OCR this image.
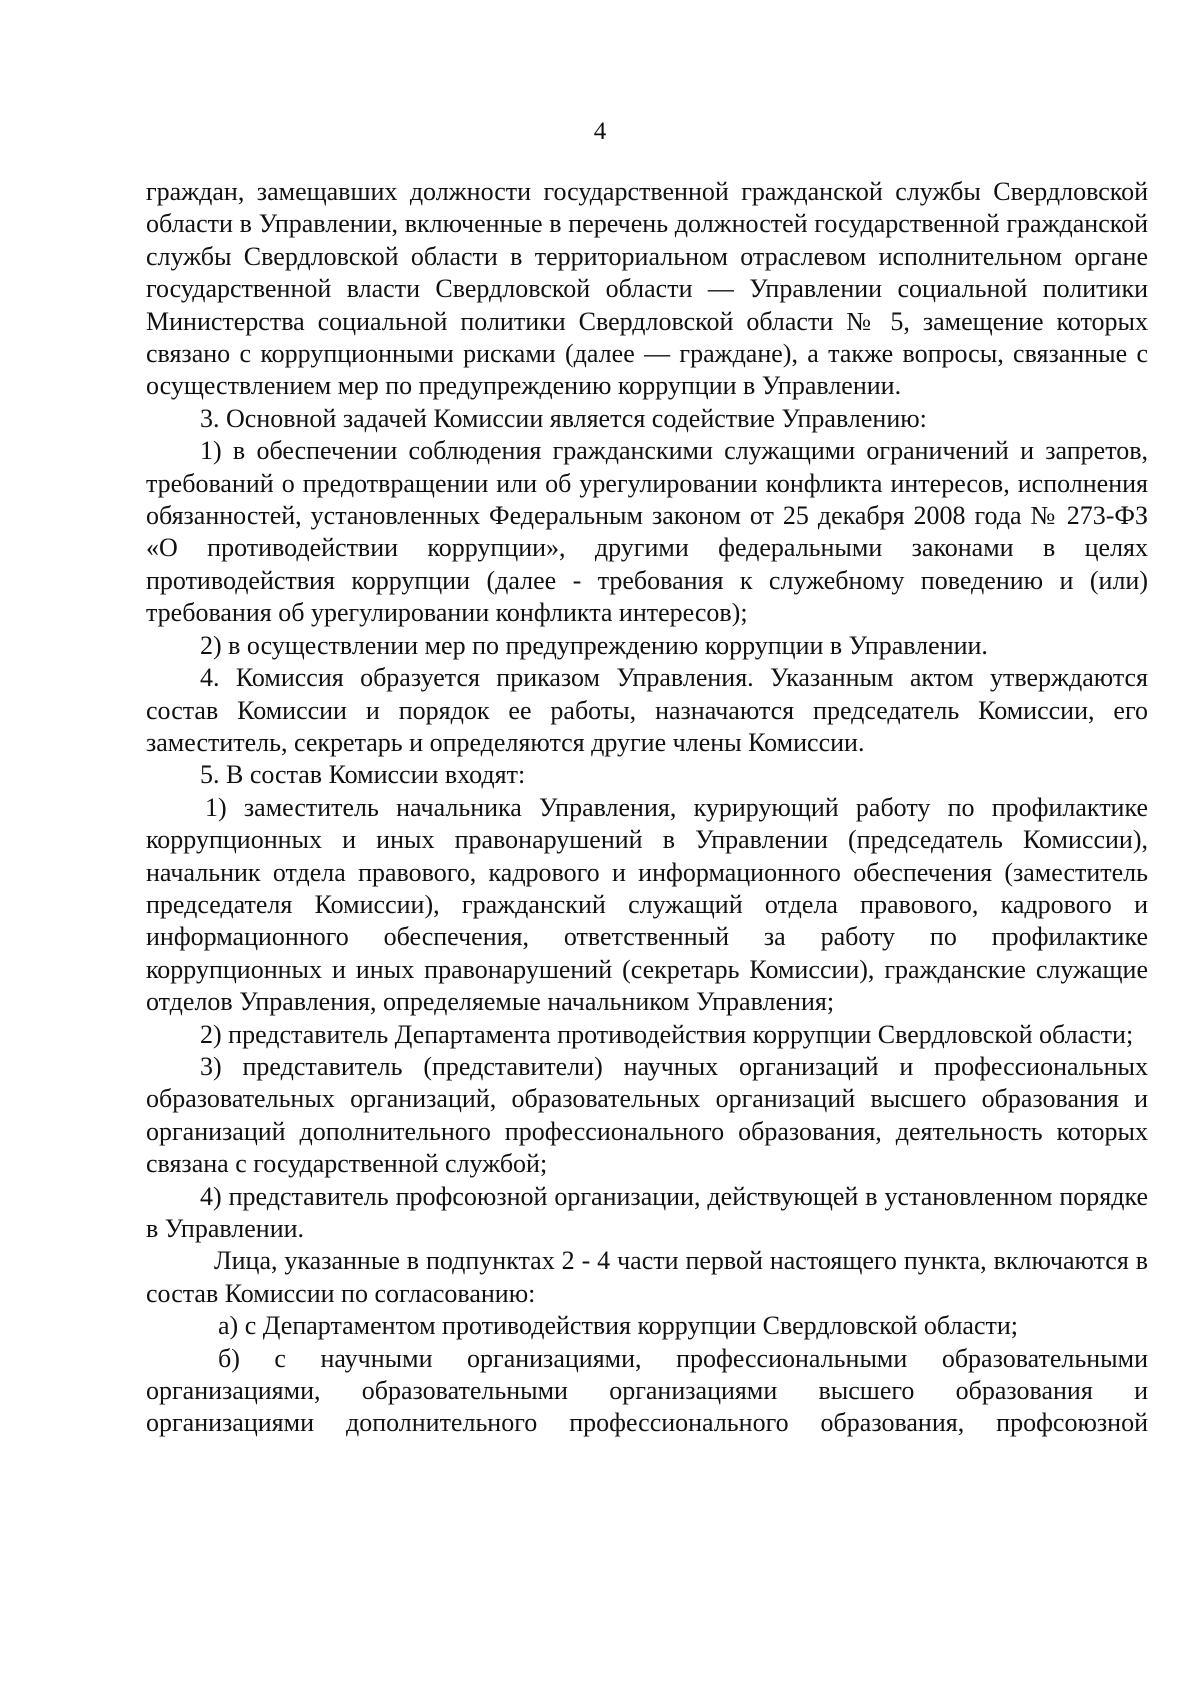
4

граждан, замещавших должности государственной гражданской службы Свердловской области в Управлении, включенные в перечень должностей государственной гражданской службы Свердловской области в территориальном отраслевом исполнительном органе государственной власти Свердловской области — Управлении социальной политики Министерства социальной политики Свердловской области № 5, замещение которых связано с коррупционными рисками (далее — граждане), а также вопросы, связанные с осуществлением мер по предупреждению коррупции в Управлении.

3. Основной задачей Комиссии является содействие Управлению:

1) в обеспечении соблюдения гражданскими служащими ограничений и запретов, требований о предотвращении или об урегулировании конфликта интересов, исполнения обязанностей, установленных Федеральным законом от 25 декабря 2008 года № 273-ФЗ «О противодействии коррупции», другими федеральными законами в целях противодействия коррупции (далее - требования к служебному поведению и (или) требования об урегулировании конфликта интересов);

2) в осуществлении мер по предупреждению коррупции в Управлении.

4. Комиссия образуется приказом Управления. Указанным актом утверждаются состав Комиссии и порядок ее работы, назначаются председатель Комиссии, его заместитель, секретарь и определяются другие члены Комиссии.

5. В состав Комиссии входят:

1) заместитель начальника Управления, курирующий работу по профилактике коррупционных и иных правонарушений в Управлении (председатель Комиссии), начальник отдела правового, кадрового и информационного обеспечения (заместитель председателя Комиссии), гражданский служащий отдела правового, кадрового и информационного обеспечения, ответственный за работу по профилактике коррупционных и иных правонарушений (секретарь Комиссии), гражданские служащие отделов Управления, определяемые начальником Управления;

2) представитель Департамента противодействия коррупции Свердловской области;

3) представитель (представители) научных организаций и профессиональных образовательных организаций, образовательных организаций высшего образования и организаций дополнительного профессионального образования, деятельность которых связана с государственной службой;

4) представитель профсоюзной организации, действующей в установленном порядке в Управлении.

Лица, указанные в подпунктах 2 - 4 части первой настоящего пункта, включаются в состав Комиссии по согласованию:

а) с Департаментом противодействия коррупции Свердловской области;

б) с научными организациями, профессиональными образовательными организациями, образовательными организациями высшего образования и организациями дополнительного профессионального образования, профсоюзной
